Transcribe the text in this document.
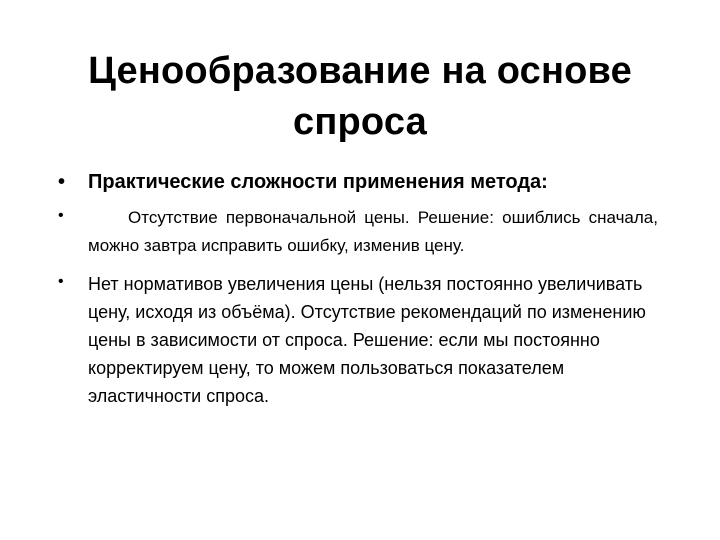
Ценообразование на основе спроса
• Практические сложности применения метода:
•	Отсутствие первоначальной цены. Решение: ошиблись сначала, можно завтра исправить ошибку, изменив цену.
• Нет нормативов увеличения цены (нельзя постоянно увеличивать цену, исходя из объёма). Отсутствие рекомендаций по изменению цены в зависимости от спроса. Решение: если мы постоянно корректируем цену, то можем пользоваться показателем эластичности спроса.
